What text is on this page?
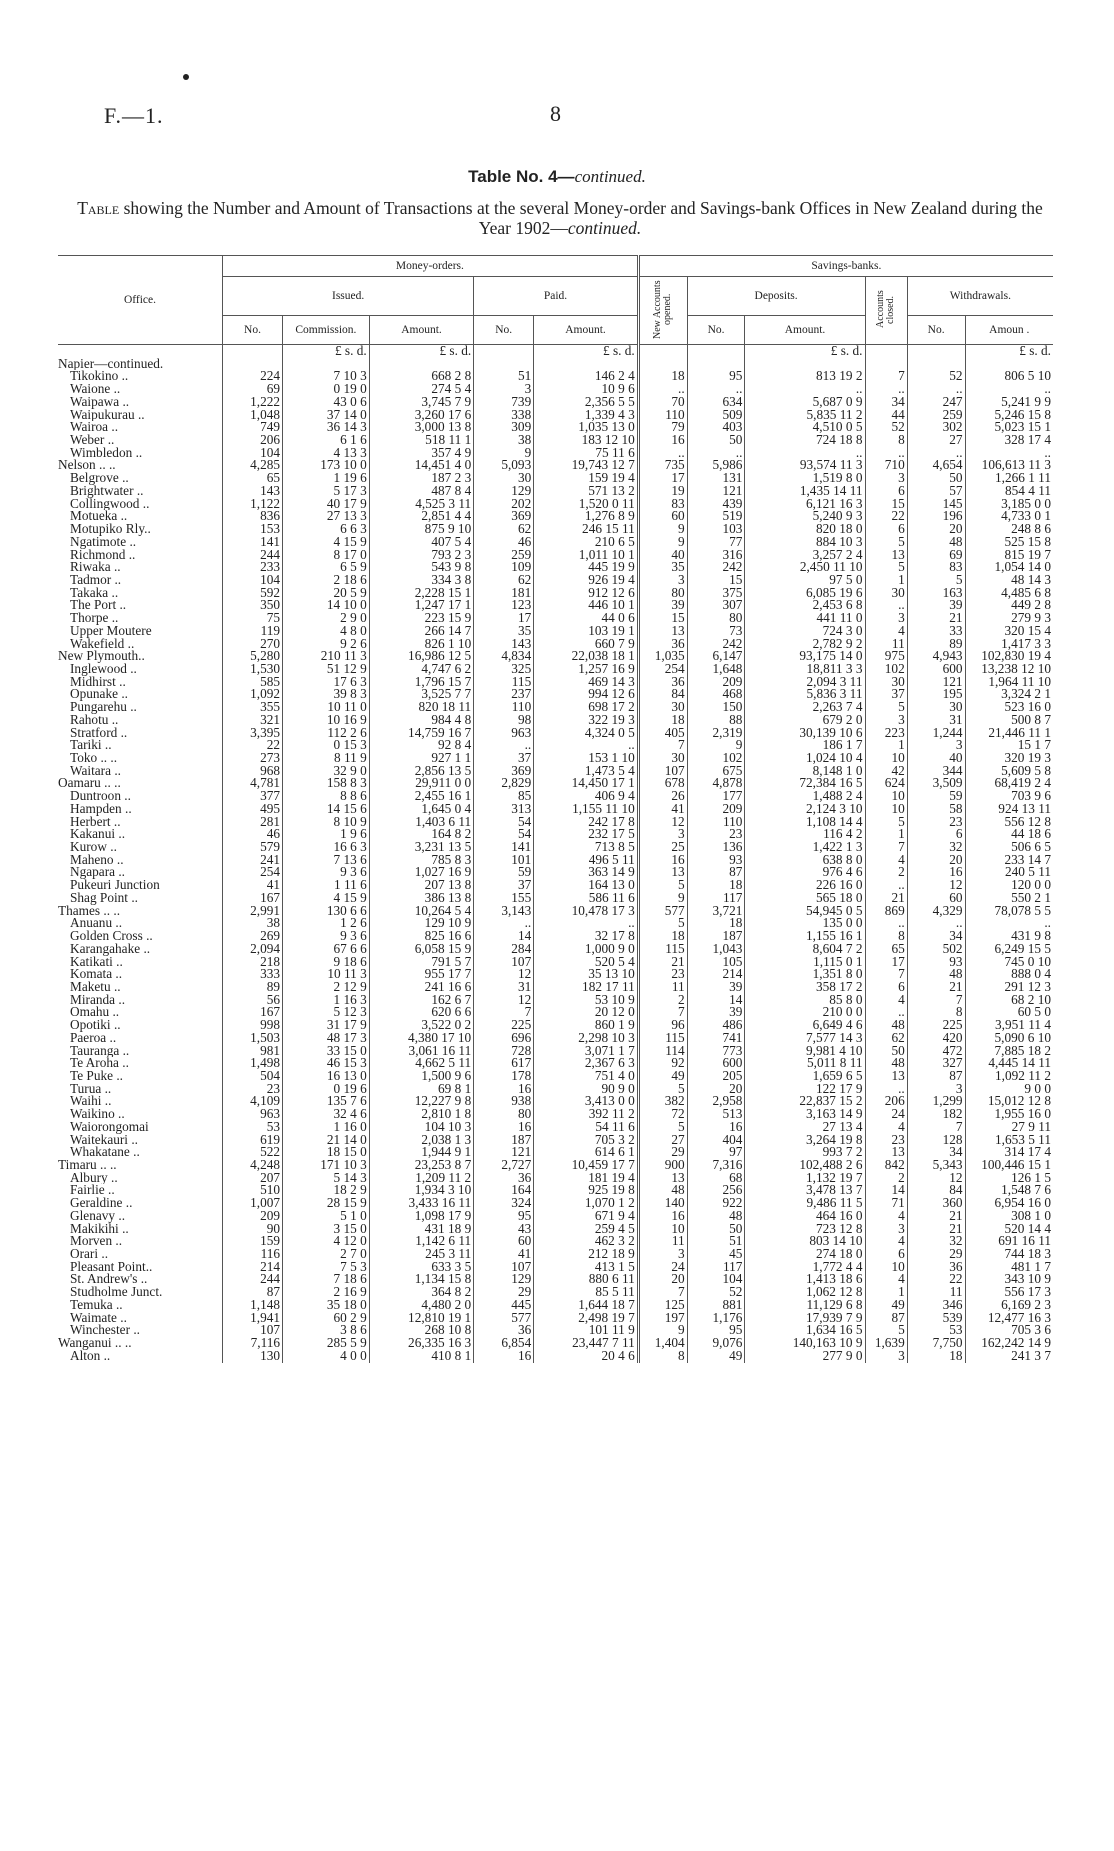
F.—1.	8
Table No. 4—continued.
Table showing the Number and Amount of Transactions at the several Money-order and Savings-bank Offices in New Zealand during the Year 1902—continued.
Office.	Money-orders.					Savings-banks.					
	Issued.			Paid.		New Accounts opened.	Deposits.		Accounts closed.	Withdrawals.	
	No.	Commission.	Amount.	No.	Amount.		No.	Amount.		No.	Amoun .
		£ s. d.	£ s. d.		£ s. d.			£ s. d.			£ s. d.
Napier—continued.											
Tikokino ..	224	7 10 3	668 2 8	51	146 2 4	18	95	813 19 2	7	52	806 5 10
Waione ..	69	0 19 0	274 5 4	3	10 9 6	..	..	..	..	..	..
Waipawa ..	1,222	43 0 6	3,745 7 9	739	2,356 5 5	70	634	5,687 0 9	34	247	5,241 9 9
Waipukurau ..	1,048	37 14 0	3,260 17 6	338	1,339 4 3	110	509	5,835 11 2	44	259	5,246 15 8
Wairoa ..	749	36 14 3	3,000 13 8	309	1,035 13 0	79	403	4,510 0 5	52	302	5,023 15 1
Weber ..	206	6 1 6	518 11 1	38	183 12 10	16	50	724 18 8	8	27	328 17 4
Wimbledon ..	104	4 13 3	357 4 9	9	75 11 6	..	..	..	..	..	..
Nelson .. ..	4,285	173 10 0	14,451 4 0	5,093	19,743 12 7	735	5,986	93,574 11 3	710	4,654	106,613 11 3
Belgrove ..	65	1 19 6	187 2 3	30	159 19 4	17	131	1,519 8 0	3	50	1,266 1 11
Brightwater ..	143	5 17 3	487 8 4	129	571 13 2	19	121	1,435 14 11	6	57	854 4 11
Collingwood ..	1,122	40 17 9	4,525 3 11	202	1,520 0 11	83	439	6,121 16 3	15	145	3,185 0 0
Motueka ..	836	27 13 3	2,851 4 4	369	1,276 8 9	60	519	5,240 9 3	22	196	4,733 0 1
Motupiko Rly..	153	6 6 3	875 9 10	62	246 15 11	9	103	820 18 0	6	20	248 8 6
Ngatimote ..	141	4 15 9	407 5 4	46	210 6 5	9	77	884 10 3	5	48	525 15 8
Richmond ..	244	8 17 0	793 2 3	259	1,011 10 1	40	316	3,257 2 4	13	69	815 19 7
Riwaka ..	233	6 5 9	543 9 8	109	445 19 9	35	242	2,450 11 10	5	83	1,054 14 0
Tadmor ..	104	2 18 6	334 3 8	62	926 19 4	3	15	97 5 0	1	5	48 14 3
Takaka ..	592	20 5 9	2,228 15 1	181	912 12 6	80	375	6,085 19 6	30	163	4,485 6 8
The Port ..	350	14 10 0	1,247 17 1	123	446 10 1	39	307	2,453 6 8	..	39	449 2 8
Thorpe ..	75	2 9 0	223 15 9	17	44 0 6	15	80	441 11 0	3	21	279 9 3
Upper Moutere	119	4 8 0	266 14 7	35	103 19 1	13	73	724 3 0	4	33	320 15 4
Wakefield ..	270	9 2 6	826 1 10	143	660 7 9	36	242	2,782 9 2	11	89	1,417 3 3
New Plymouth..	5,280	210 11 3	16,986 12 5	4,834	22,038 18 1	1,035	6,147	93,175 14 0	975	4,943	102,830 19 4
Inglewood ..	1,530	51 12 9	4,747 6 2	325	1,257 16 9	254	1,648	18,811 3 3	102	600	13,238 12 10
Midhirst ..	585	17 6 3	1,796 15 7	115	469 14 3	36	209	2,094 3 11	30	121	1,964 11 10
Opunake ..	1,092	39 8 3	3,525 7 7	237	994 12 6	84	468	5,836 3 11	37	195	3,324 2 1
Pungarehu ..	355	10 11 0	820 18 11	110	698 17 2	30	150	2,263 7 4	5	30	523 16 0
Rahotu ..	321	10 16 9	984 4 8	98	322 19 3	18	88	679 2 0	3	31	500 8 7
Stratford ..	3,395	112 2 6	14,759 16 7	963	4,324 0 5	405	2,319	30,139 10 6	223	1,244	21,446 11 1
Tariki ..	22	0 15 3	92 8 4	..	..	7	9	186 1 7	1	3	15 1 7
Toko .. ..	273	8 11 9	927 1 1	37	153 1 10	30	102	1,024 10 4	10	40	320 19 3
Waitara ..	968	32 9 0	2,856 13 5	369	1,473 5 4	107	675	8,148 1 0	42	344	5,609 5 8
Oamaru .. ..	4,781	158 8 3	29,911 0 0	2,829	14,450 17 1	678	4,878	72,384 16 5	624	3,509	68,419 2 4
Duntroon ..	377	8 8 6	2,455 16 1	85	406 9 4	26	177	1,488 2 4	10	59	703 9 6
Hampden ..	495	14 15 6	1,645 0 4	313	1,155 11 10	41	209	2,124 3 10	10	58	924 13 11
Herbert ..	281	8 10 9	1,403 6 11	54	242 17 8	12	110	1,108 14 4	5	23	556 12 8
Kakanui ..	46	1 9 6	164 8 2	54	232 17 5	3	23	116 4 2	1	6	44 18 6
Kurow ..	579	16 6 3	3,231 13 5	141	713 8 5	25	136	1,422 1 3	7	32	506 6 5
Maheno ..	241	7 13 6	785 8 3	101	496 5 11	16	93	638 8 0	4	20	233 14 7
Ngapara ..	254	9 3 6	1,027 16 9	59	363 14 9	13	87	976 4 6	2	16	240 5 11
Pukeuri Junction	41	1 11 6	207 13 8	37	164 13 0	5	18	226 16 0	..	12	120 0 0
Shag Point ..	167	4 15 9	386 13 8	155	586 11 6	9	117	565 18 0	21	60	550 2 1
Thames .. ..	2,991	130 6 6	10,264 5 4	3,143	10,478 17 3	577	3,721	54,945 0 5	869	4,329	78,078 5 5
Anuanu ..	38	1 2 6	129 10 9	..	..	5	18	135 0 0	..	..	..
Golden Cross ..	269	9 3 6	825 16 6	14	32 17 8	18	187	1,155 16 1	8	34	431 9 8
Karangahake ..	2,094	67 6 6	6,058 15 9	284	1,000 9 0	115	1,043	8,604 7 2	65	502	6,249 15 5
Katikati ..	218	9 18 6	791 5 7	107	520 5 4	21	105	1,115 0 1	17	93	745 0 10
Komata ..	333	10 11 3	955 17 7	12	35 13 10	23	214	1,351 8 0	7	48	888 0 4
Maketu ..	89	2 12 9	241 16 6	31	182 17 11	11	39	358 17 2	6	21	291 12 3
Miranda ..	56	1 16 3	162 6 7	12	53 10 9	2	14	85 8 0	4	7	68 2 10
Omahu ..	167	5 12 3	620 6 6	7	20 12 0	7	39	210 0 0	..	8	60 5 0
Opotiki ..	998	31 17 9	3,522 0 2	225	860 1 9	96	486	6,649 4 6	48	225	3,951 11 4
Paeroa ..	1,503	48 17 3	4,380 17 10	696	2,298 10 3	115	741	7,577 14 3	62	420	5,090 6 10
Tauranga ..	981	33 15 0	3,061 16 11	728	3,071 1 7	114	773	9,981 4 10	50	472	7,885 18 2
Te Aroha ..	1,498	46 15 3	4,662 5 11	617	2,367 6 3	92	600	5,011 8 11	48	327	4,445 14 11
Te Puke ..	504	16 13 0	1,500 9 6	178	751 4 0	49	205	1,659 6 5	13	87	1,092 11 2
Turua ..	23	0 19 6	69 8 1	16	90 9 0	5	20	122 17 9	..	3	9 0 0
Waihi ..	4,109	135 7 6	12,227 9 8	938	3,413 0 0	382	2,958	22,837 15 2	206	1,299	15,012 12 8
Waikino ..	963	32 4 6	2,810 1 8	80	392 11 2	72	513	3,163 14 9	24	182	1,955 16 0
Waiorongomai	53	1 16 0	104 10 3	16	54 11 6	5	16	27 13 4	4	7	27 9 11
Waitekauri ..	619	21 14 0	2,038 1 3	187	705 3 2	27	404	3,264 19 8	23	128	1,653 5 11
Whakatane ..	522	18 15 0	1,944 9 1	121	614 6 1	29	97	993 7 2	13	34	314 17 4
Timaru .. ..	4,248	171 10 3	23,253 8 7	2,727	10,459 17 7	900	7,316	102,488 2 6	842	5,343	100,446 15 1
Albury ..	207	5 14 3	1,209 11 2	36	181 19 4	13	68	1,132 19 7	2	12	126 1 5
Fairlie ..	510	18 2 9	1,934 3 10	164	925 19 8	48	256	3,478 13 7	14	84	1,548 7 6
Geraldine ..	1,007	28 15 9	3,433 16 11	324	1,070 1 2	140	922	9,486 11 5	71	360	6,954 16 0
Glenavy ..	209	5 1 0	1,098 17 9	95	671 9 4	16	48	464 16 0	4	21	308 1 0
Makikihi ..	90	3 15 0	431 18 9	43	259 4 5	10	50	723 12 8	3	21	520 14 4
Morven ..	159	4 12 0	1,142 6 11	60	462 3 2	11	51	803 14 10	4	32	691 16 11
Orari ..	116	2 7 0	245 3 11	41	212 18 9	3	45	274 18 0	6	29	744 18 3
Pleasant Point..	214	7 5 3	633 3 5	107	413 1 5	24	117	1,772 4 4	10	36	481 1 7
St. Andrew's ..	244	7 18 6	1,134 15 8	129	880 6 11	20	104	1,413 18 6	4	22	343 10 9
Studholme Junct.	87	2 16 9	364 8 2	29	85 5 11	7	52	1,062 12 8	1	11	556 17 3
Temuka ..	1,148	35 18 0	4,480 2 0	445	1,644 18 7	125	881	11,129 6 8	49	346	6,169 2 3
Waimate ..	1,941	60 2 9	12,810 19 1	577	2,498 19 7	197	1,176	17,939 7 9	87	539	12,477 16 3
Winchester ..	107	3 8 6	268 10 8	36	101 11 9	9	95	1,634 16 5	5	53	705 3 6
Wanganui .. ..	7,116	285 5 9	26,335 16 3	6,854	23,447 7 11	1,404	9,076	140,163 10 9	1,639	7,750	162,242 14 9
Alton ..	130	4 0 0	410 8 1	16	20 4 6	8	49	277 9 0	3	18	241 3 7
